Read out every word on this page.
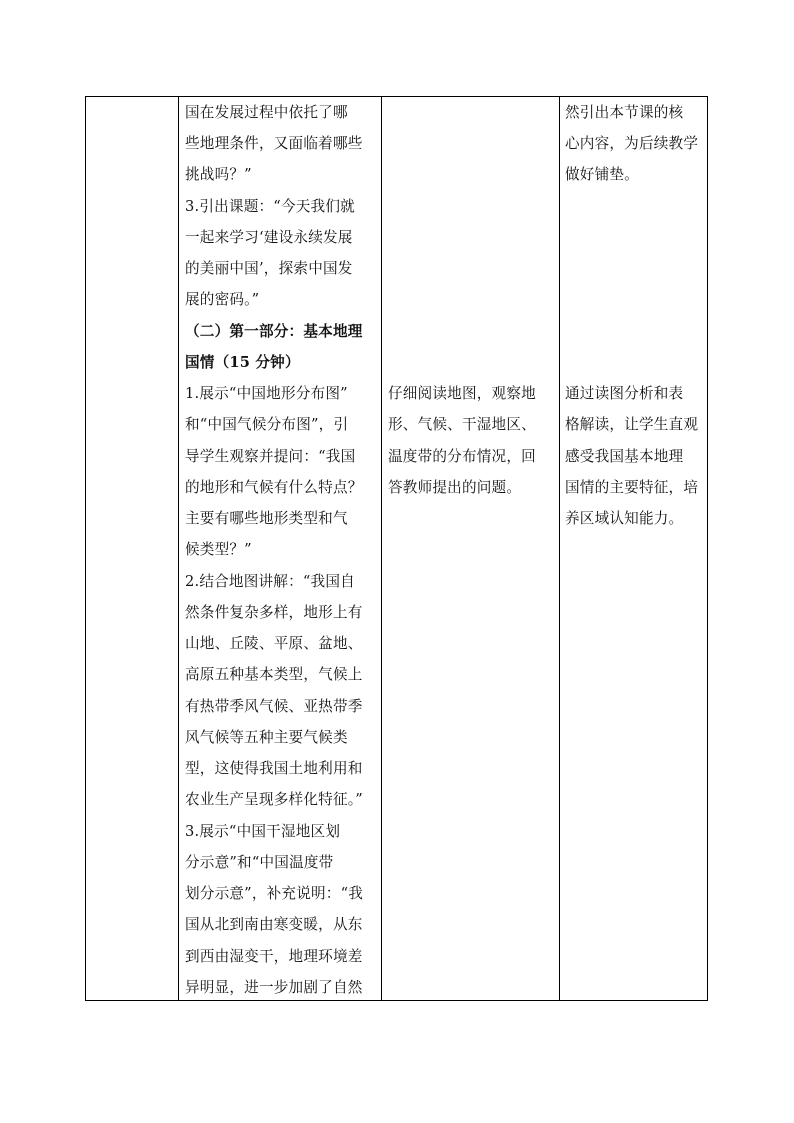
国在发展过程中依托了哪
些地理条件，又面临着哪些
挑战吗？”
3.引出课题：“今天我们就
一起来学习‘建设永续发展
的美丽中国’，探索中国发
展的密码。”
（二）第一部分：基本地理
国情（15 分钟）
1.展示“中国地形分布图”
和“中国气候分布图”，引
导学生观察并提问：“我国
的地形和气候有什么特点？
主要有哪些地形类型和气
候类型？”
2.结合地图讲解：“我国自
然条件复杂多样，地形上有
山地、丘陵、平原、盆地、
高原五种基本类型，气候上
有热带季风气候、亚热带季
风气候等五种主要气候类
型，这使得我国土地利用和
农业生产呈现多样化特征。”
3.展示“中国干湿地区划
分示意”和“中国温度带
划分示意”，补充说明：“我
国从北到南由寒变暖，从东
到西由湿变干，地理环境差
异明显，进一步加剧了自然
仔细阅读地图，观察地
形、气候、干湿地区、
温度带的分布情况，回
答教师提出的问题。
然引出本节课的核
心内容，为后续教学
做好铺垫。
通过读图分析和表
格解读，让学生直观
感受我国基本地理
国情的主要特征，培
养区域认知能力。
